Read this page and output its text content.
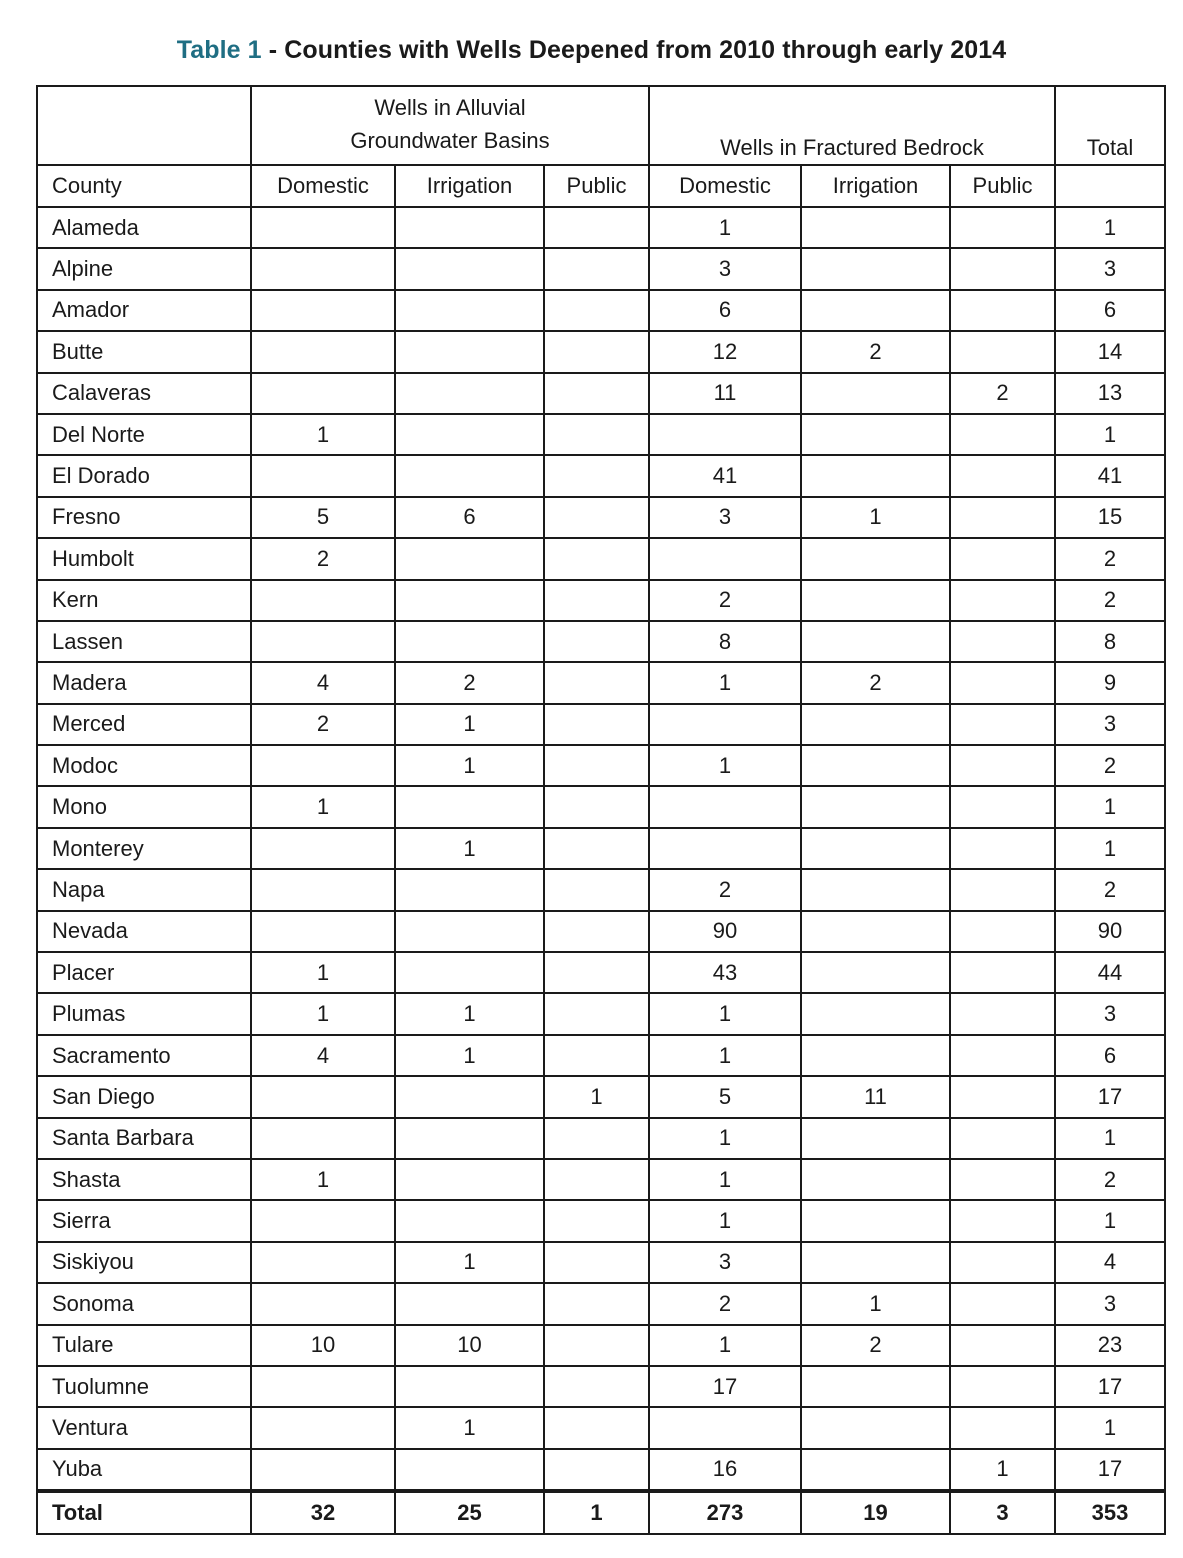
Table 1 - Counties with Wells Deepened from 2010 through early 2014

	Wells in Alluvial
Groundwater Basins			Wells in Fractured Bedrock			Total
County	Domestic	Irrigation	Public	Domestic	Irrigation	Public	
Alameda				1			1
Alpine				3			3
Amador				6			6
Butte				12	2		14
Calaveras				11		2	13
Del Norte	1						1
El Dorado				41			41
Fresno	5	6		3	1		15
Humbolt	2						2
Kern				2			2
Lassen				8			8
Madera	4	2		1	2		9
Merced	2	1					3
Modoc		1		1			2
Mono	1						1
Monterey		1					1
Napa				2			2
Nevada				90			90
Placer	1			43			44
Plumas	1	1		1			3
Sacramento	4	1		1			6
San Diego			1	5	11		17
Santa Barbara				1			1
Shasta	1			1			2
Sierra				1			1
Siskiyou		1		3			4
Sonoma				2	1		3
Tulare	10	10		1	2		23
Tuolumne				17			17
Ventura		1					1
Yuba				16		1	17
Total	32	25	1	273	19	3	353
